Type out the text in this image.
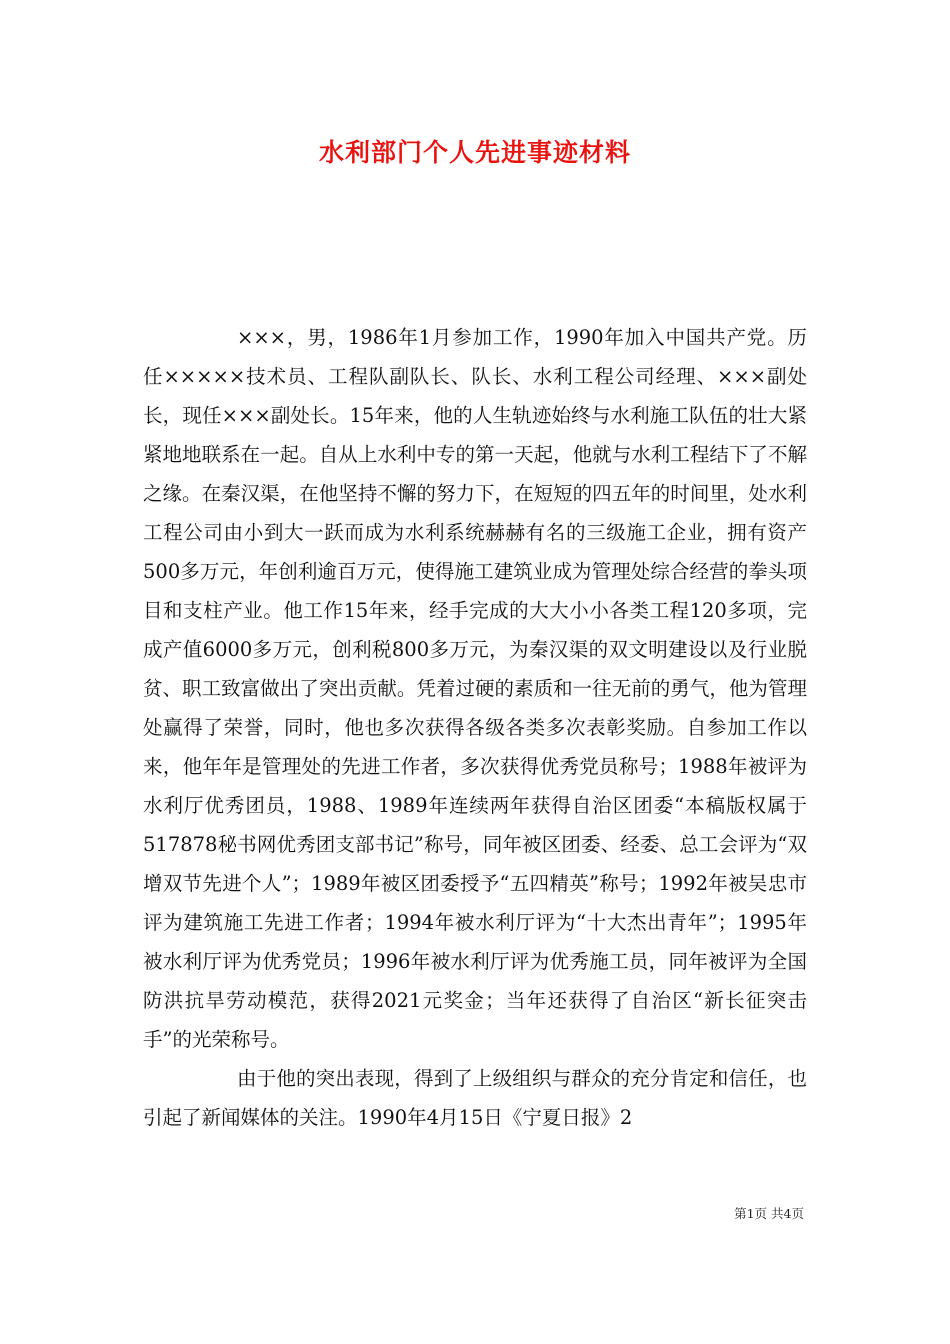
水利部门个人先进事迹材料

×××，男，1986年1月参加工作，1990年加入中国共产党。历任×××××技术员、工程队副队长、队长、水利工程公司经理、×××副处长，现任×××副处长。15年来，他的人生轨迹始终与水利施工队伍的壮大紧紧地地联系在一起。自从上水利中专的第一天起，他就与水利工程结下了不解之缘。在秦汉渠，在他坚持不懈的努力下，在短短的四五年的时间里，处水利工程公司由小到大一跃而成为水利系统赫赫有名的三级施工企业，拥有资产500多万元，年创利逾百万元，使得施工建筑业成为管理处综合经营的拳头项目和支柱产业。他工作15年来，经手完成的大大小小各类工程120多项，完成产值6000多万元，创利税800多万元，为秦汉渠的双文明建设以及行业脱贫、职工致富做出了突出贡献。凭着过硬的素质和一往无前的勇气，他为管理处赢得了荣誉，同时，他也多次获得各级各类多次表彰奖励。自参加工作以来，他年年是管理处的先进工作者，多次获得优秀党员称号；1988年被评为水利厅优秀团员，1988、1989年连续两年获得自治区团委“本稿版权属于517878秘书网优秀团支部书记”称号，同年被区团委、经委、总工会评为“双增双节先进个人”；1989年被区团委授予“五四精英”称号；1992年被吴忠市评为建筑施工先进工作者；1994年被水利厅评为“十大杰出青年”；1995年被水利厅评为优秀党员；1996年被水利厅评为优秀施工员，同年被评为全国防洪抗旱劳动模范，获得2021元奖金；当年还获得了自治区“新长征突击手”的光荣称号。

由于他的突出表现，得到了上级组织与群众的充分肯定和信任，也引起了新闻媒体的关注。1990年4月15日《宁夏日报》2

第1页 共4页
